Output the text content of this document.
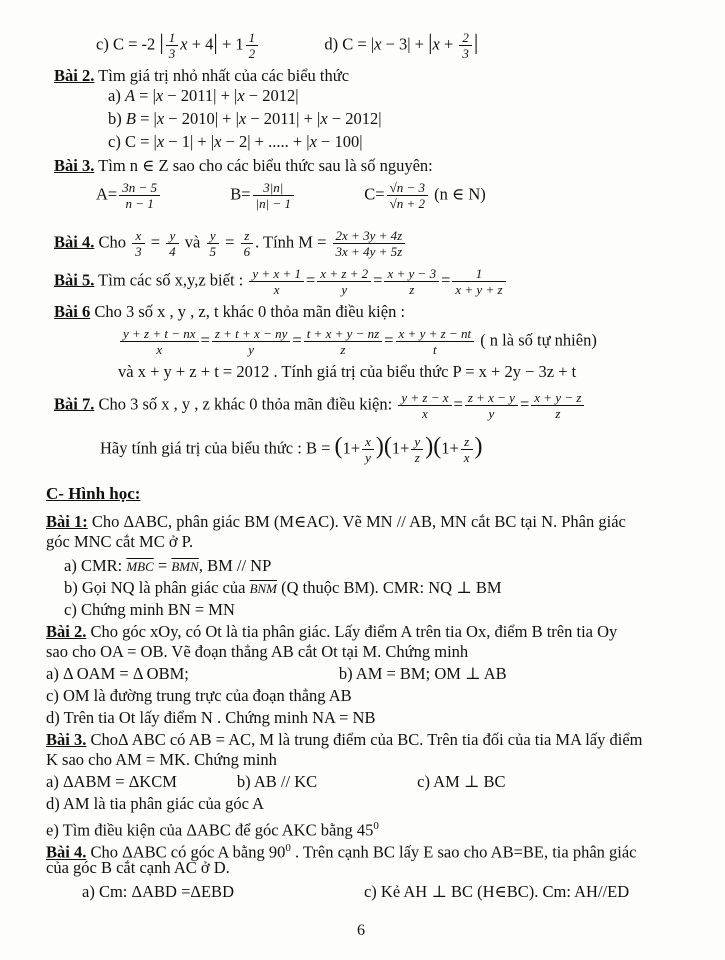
c) C = -2 | $\frac{1}{3}$ $x + 4| + 1 \frac{1}{2}$	d) $C = |x - 3| + |x + \frac{2}{3}$ |
Bài 2. Tìm giá trị nhỏ nhất của các biểu thức
a) A = |x − 2011| + |x − 2012|
b) B = |x − 2010| + |x − 2011| + |x − 2012|
c) C = |x − 1| + |x − 2| + ..... + |x − 100|
Bài 3. Tìm n ∈ Z sao cho các biểu thức sau là số nguyên:
$A= \frac{3n - 5}{n - 1}$	$B= \frac{3|n|}{|n| - 1}$	$C= \frac{√n - 3}{√n + 2} (n$ ∈ N)
Bài 4. Cho $\frac{x}{3} = \frac{y}{4}$ và $\frac{y}{5} = \frac{z}{6}$ . Tính $M = \frac{2x + 3y + 4z}{3x + 4y + 5z}$
Bài 5. Tìm các số x,y,z biết : $\frac{y + x + 1}{x} = \frac{x + z + 2}{y} = \frac{x + y - 3}{z} = \frac{1}{x + y + z}$
Bài 6 Cho 3 số x , y , z, t khác 0 thỏa mãn điều kiện :
$\frac{y + z + t - nx}{x} = \frac{z + t + x - ny}{y} = \frac{t + x + y - nz}{z} = \frac{x + y + z - nt}{t}$ ( n là số tự nhiên)
và x + y + z + t = 2012 . Tính giá trị của biểu thức P = x + 2y − 3z + t
Bài 7. Cho 3 số x , y , z khác 0 thỏa mãn điều kiện: $\frac{y + z - x}{x} = \frac{z + x - y}{y} = \frac{x + y - z}{z}$
Hãy tính giá trị của biểu thức : $B = (1+ \frac{x}{y} )(1+ \frac{y}{z} )(1+ \frac{z}{x}$ )
C- Hình học:
Bài 1: Cho ΔABC, phân giác BM (M∈AC). Vẽ MN // AB, MN cắt BC tại N. Phân giác
góc MNC cắt MC ở P.
a) CMR: $\overline{MBC} = \overline{BMN}$, BM // NP
b) Gọi NQ là phân giác của $\overline{BNM}$ (Q thuộc BM). CMR: NQ ⊥ BM
c) Chứng minh BN = MN
Bài 2. Cho góc xOy, có Ot là tia phân giác. Lấy điểm A trên tia Ox, điểm B trên tia Oy
sao cho OA = OB. Vẽ đoạn thẳng AB cắt Ot tại M. Chứng minh
a) Δ OAM = Δ OBM;	b) AM = BM; OM ⊥ AB
c) OM là đường trung trực của đoạn thẳng AB
d) Trên tia Ot lấy điểm N . Chứng minh NA = NB
Bài 3. ChoΔ ABC có AB = AC, M là trung điểm của BC. Trên tia đối của tia MA lấy điểm
K sao cho AM = MK. Chứng minh
a) ΔABM = ΔKCM	b) AB // KC	c) AM ⊥ BC
d) AM là tia phân giác của góc A
e) Tìm điều kiện của ΔABC để góc AKC bằng $45^0$
Bài 4. Cho ΔABC có góc A bằng $90^0$ . Trên cạnh BC lấy E sao cho AB=BE, tia phân giác
của góc B cắt cạnh AC ở D.
a) Cm: ΔABD =ΔEBD	c) Kẻ AH ⊥ BC (H∈BC). Cm: AH//ED
6
